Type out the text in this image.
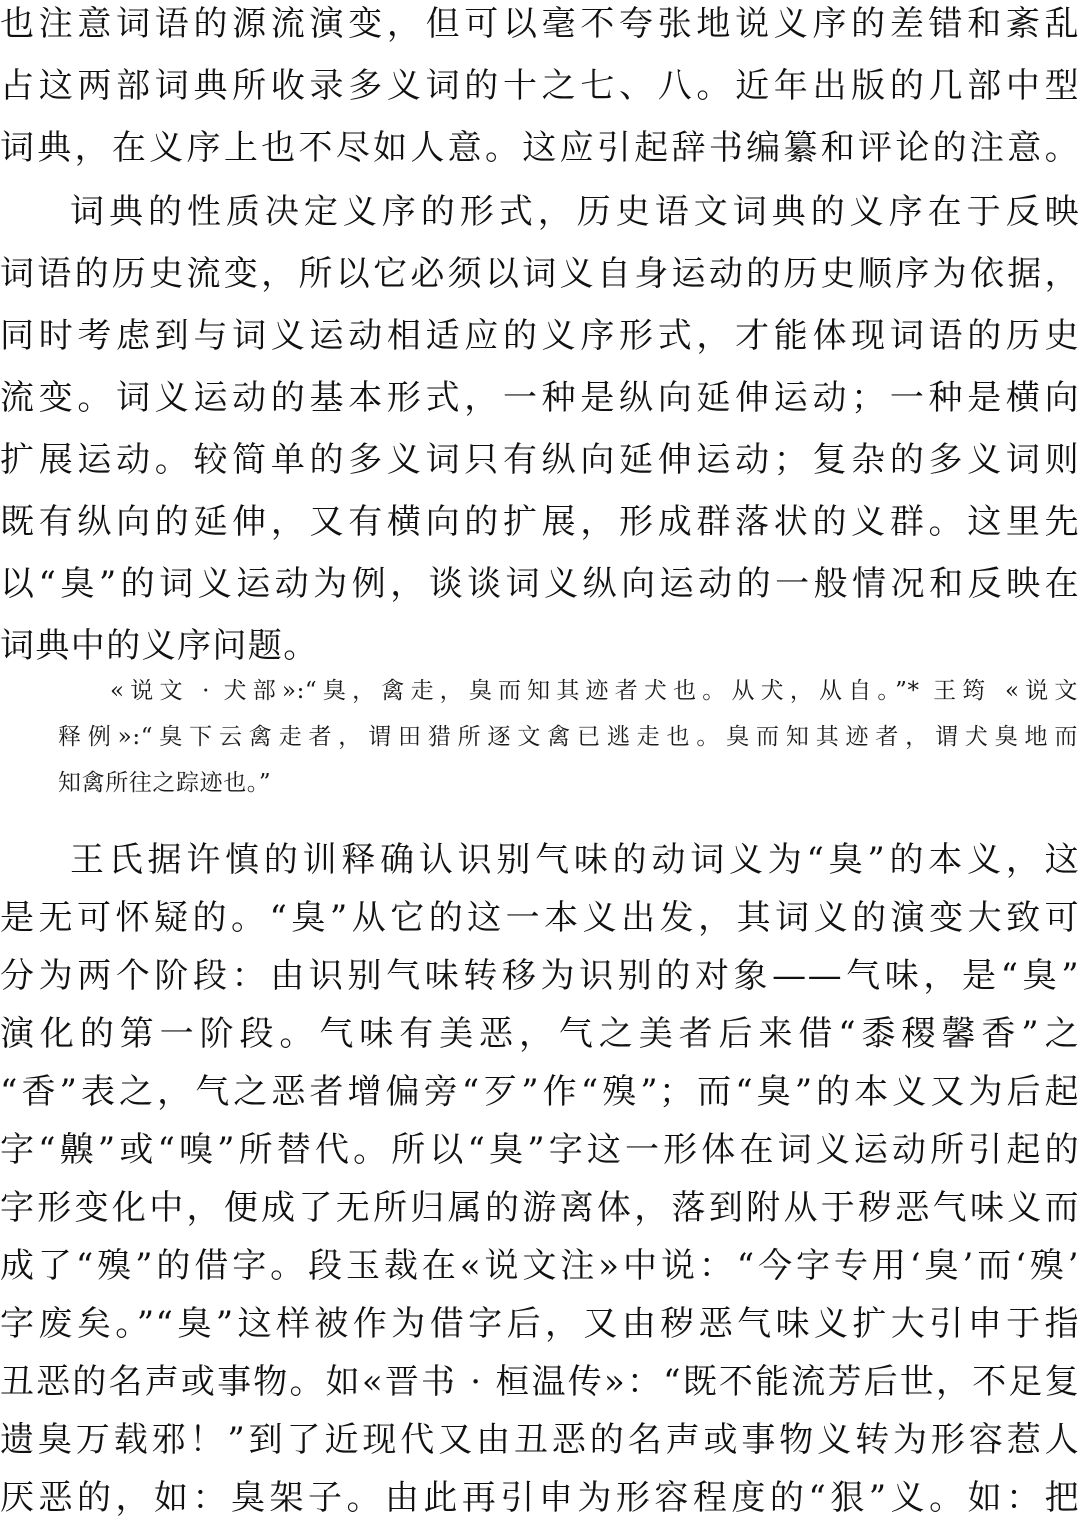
也注意词语的源流演变，但可以毫不夸张地说义序的差错和紊乱
占这两部词典所收录多义词的十之七、八。近年出版的几部中型
词典，在义序上也不尽如人意。这应引起辞书编纂和评论的注意。
词典的性质决定义序的形式，历史语文词典的义序在于反映
词语的历史流变，所以它必须以词义自身运动的历史顺序为依据，
同时考虑到与词义运动相适应的义序形式，才能体现词语的历史
流变。词义运动的基本形式，一种是纵向延伸运动；一种是横向
扩展运动。较简单的多义词只有纵向延伸运动；复杂的多义词则
既有纵向的延伸，又有横向的扩展，形成群落状的义群。这里先
以“臭”的词义运动为例，谈谈词义纵向运动的一般情况和反映在
词典中的义序问题。
«说文 · 犬部»:“臭，禽走，臭而知其迹者犬也。从犬，从自。”* 王筠 «说文
释例»:“臭下云禽走者，谓田猎所逐文禽已逃走也。臭而知其迹者，谓犬臭地而
知禽所往之踪迹也。”
王氏据许慎的训释确认识别气味的动词义为“臭”的本义，这
是无可怀疑的。“臭”从它的这一本义出发，其词义的演变大致可
分为两个阶段：由识别气味转移为识别的对象——气味，是“臭”
演化的第一阶段。气味有美恶，气之美者后来借“黍稷馨香”之
“香”表之，气之恶者增偏旁“歹”作“殠”；而“臭”的本义又为后起
字“齅”或“嗅”所替代。所以“臭”字这一形体在词义运动所引起的
字形变化中，便成了无所归属的游离体，落到附从于秽恶气味义而
成了“殠”的借字。段玉裁在«说文注»中说：“今字专用‘臭’而‘殠’
字废矣。”“臭”这样被作为借字后，又由秽恶气味义扩大引申于指
丑恶的名声或事物。如«晋书 · 桓温传»：“既不能流芳后世，不足复
遗臭万载邪！”到了近现代又由丑恶的名声或事物义转为形容惹人
厌恶的，如：臭架子。由此再引申为形容程度的“狠”义。如：把
